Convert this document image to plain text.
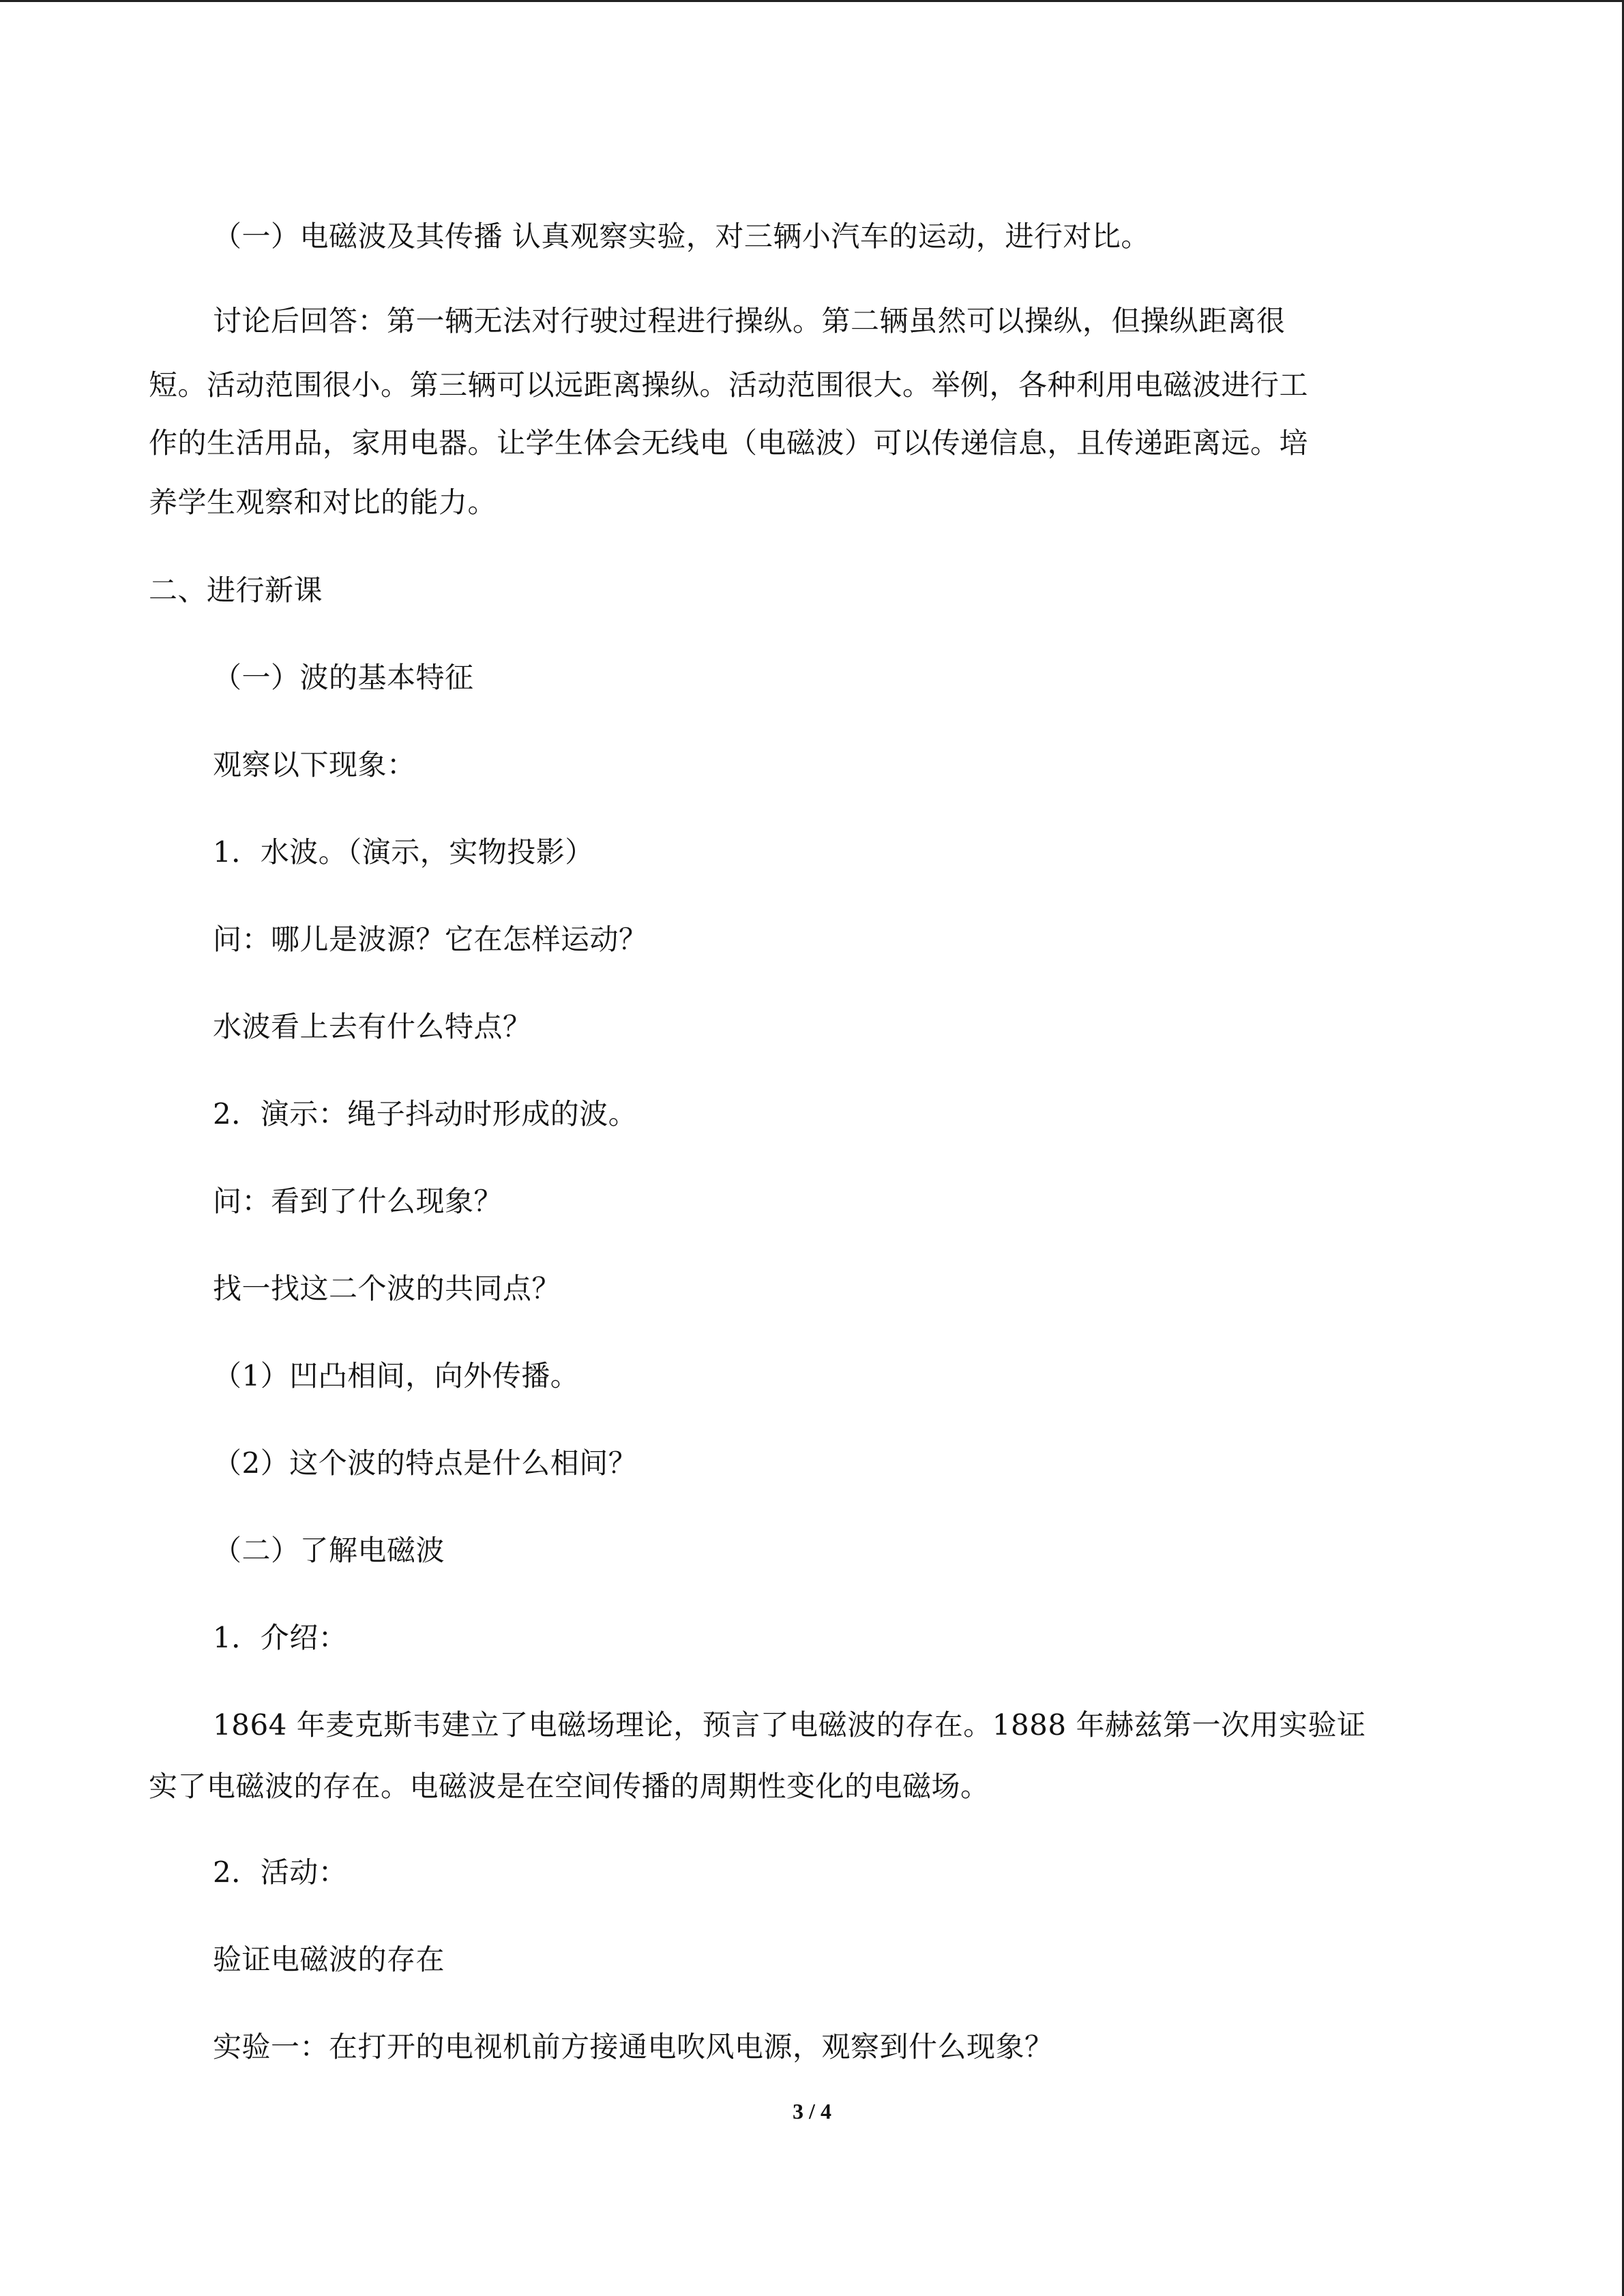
（一）电磁波及其传播 认真观察实验，对三辆小汽车的运动，进行对比。
讨论后回答：第一辆无法对行驶过程进行操纵。第二辆虽然可以操纵，但操纵距离很
短。活动范围很小。第三辆可以远距离操纵。活动范围很大。举例，各种利用电磁波进行工
作的生活用品，家用电器。让学生体会无线电（电磁波）可以传递信息，且传递距离远。培
养学生观察和对比的能力。
二、进行新课
（一）波的基本特征
观察以下现象：
1．水波。（演示，实物投影）
问：哪儿是波源？它在怎样运动？
水波看上去有什么特点？
2．演示：绳子抖动时形成的波。
问：看到了什么现象？
找一找这二个波的共同点？
（1）凹凸相间，向外传播。
（2）这个波的特点是什么相间？
（二）了解电磁波
1．介绍：
1864 年麦克斯韦建立了电磁场理论，预言了电磁波的存在。1888 年赫兹第一次用实验证
实了电磁波的存在。电磁波是在空间传播的周期性变化的电磁场。
2．活动：
验证电磁波的存在
实验一：在打开的电视机前方接通电吹风电源，观察到什么现象？
3 / 4
